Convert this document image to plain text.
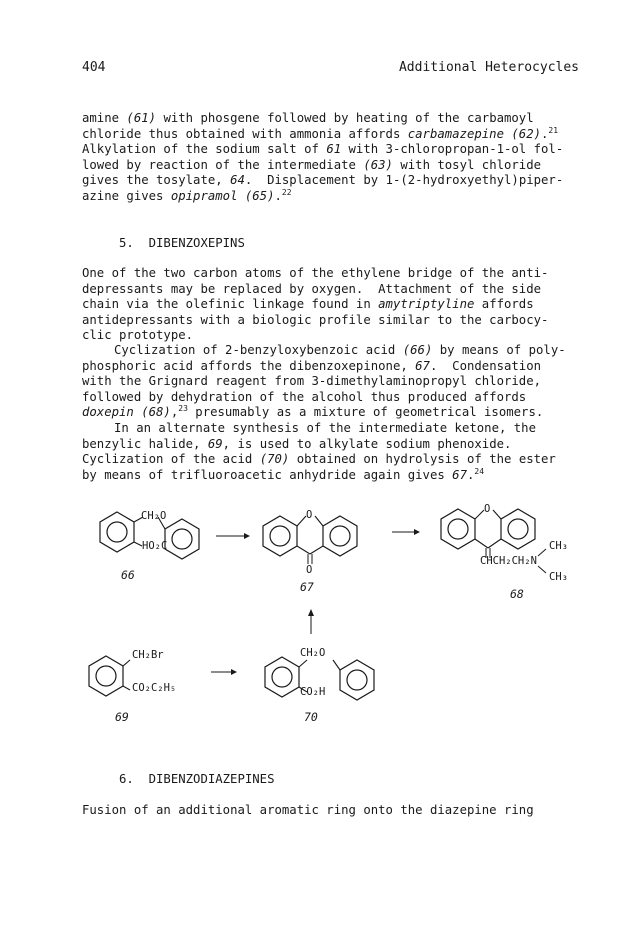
404	Additional Heterocycles
amine (61) with phosgene followed by heating of the carbamoyl
chloride thus obtained with ammonia affords carbamazepine (62).$^{21}$
Alkylation of the sodium salt of 61 with 3-chloropropan-1-ol fol-
lowed by reaction of the intermediate (63) with tosyl chloride
gives the tosylate, 64.  Displacement by 1-(2-hydroxyethyl)piper-
azine gives opipramol (65).$^{22}$
5. DIBENZOXEPINS
One of the two carbon atoms of the ethylene bridge of the anti-
depressants may be replaced by oxygen.  Attachment of the side
chain via the olefinic linkage found in amytriptyline affords
antidepressants with a biologic profile similar to the carbocy-
clic prototype.
Cyclization of 2-benzyloxybenzoic acid (66) by means of poly-
phosphoric acid affords the dibenzoxepinone, 67.  Condensation
with the Grignard reagent from 3-dimethylaminopropyl chloride,
followed by dehydration of the alcohol thus produced affords
doxepin (68),$^{23}$ presumably as a mixture of geometrical isomers.
In an alternate synthesis of the intermediate ketone, the
benzylic halide, 69, is used to alkylate sodium phenoxide.
Cyclization of the acid (70) obtained on hydrolysis of the ester
by means of trifluoroacetic anhydride again gives 67.24
CH₂O
HO₂C
66
O
O
67
O
CH₃
CHCH₂CH₂N
CH₃
68
CH₂Br
CO₂C₂H₅
69
CH₂O
CO₂H
70
6. DIBENZODIAZEPINES
Fusion of an additional aromatic ring onto the diazepine ring
